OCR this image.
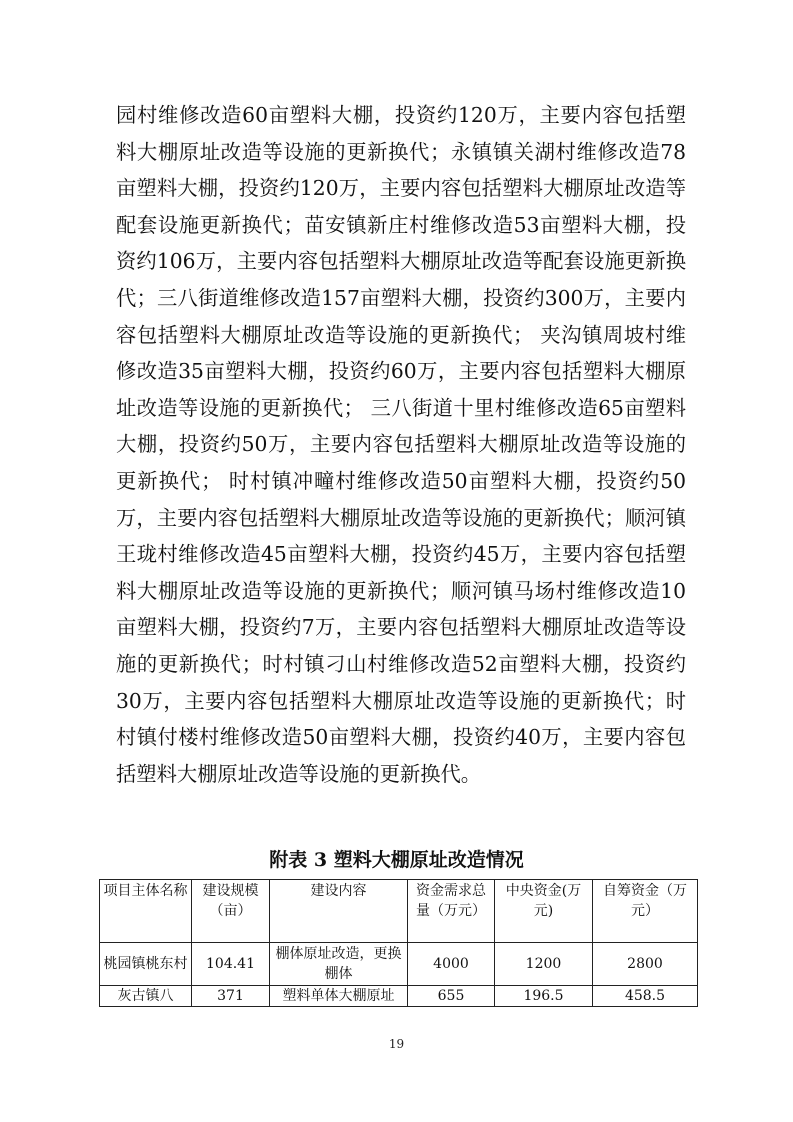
园村维修改造60亩塑料大棚，投资约120万，主要内容包括塑料大棚原址改造等设施的更新换代；永镇镇关湖村维修改造78亩塑料大棚，投资约120万，主要内容包括塑料大棚原址改造等配套设施更新换代；苗安镇新庄村维修改造53亩塑料大棚，投资约106万，主要内容包括塑料大棚原址改造等配套设施更新换代；三八街道维修改造157亩塑料大棚，投资约300万，主要内容包括塑料大棚原址改造等设施的更新换代； 夹沟镇周坡村维修改造35亩塑料大棚，投资约60万，主要内容包括塑料大棚原址改造等设施的更新换代； 三八街道十里村维修改造65亩塑料大棚，投资约50万，主要内容包括塑料大棚原址改造等设施的更新换代； 时村镇冲疃村维修改造50亩塑料大棚，投资约50万，主要内容包括塑料大棚原址改造等设施的更新换代；顺河镇王珑村维修改造45亩塑料大棚，投资约45万，主要内容包括塑料大棚原址改造等设施的更新换代；顺河镇马场村维修改造10亩塑料大棚，投资约7万，主要内容包括塑料大棚原址改造等设施的更新换代；时村镇刁山村维修改造52亩塑料大棚，投资约30万，主要内容包括塑料大棚原址改造等设施的更新换代；时村镇付楼村维修改造50亩塑料大棚，投资约40万，主要内容包括塑料大棚原址改造等设施的更新换代。

附表 3 塑料大棚原址改造情况

项目主体名称	建设规模（亩）	建设内容	资金需求总量（万元）	中央资金(万元)	自筹资金（万元）
桃园镇桃东村	104.41	棚体原址改造，更换棚体	4000	1200	2800
灰古镇八	371	塑料单体大棚原址	655	196.5	458.5
19
